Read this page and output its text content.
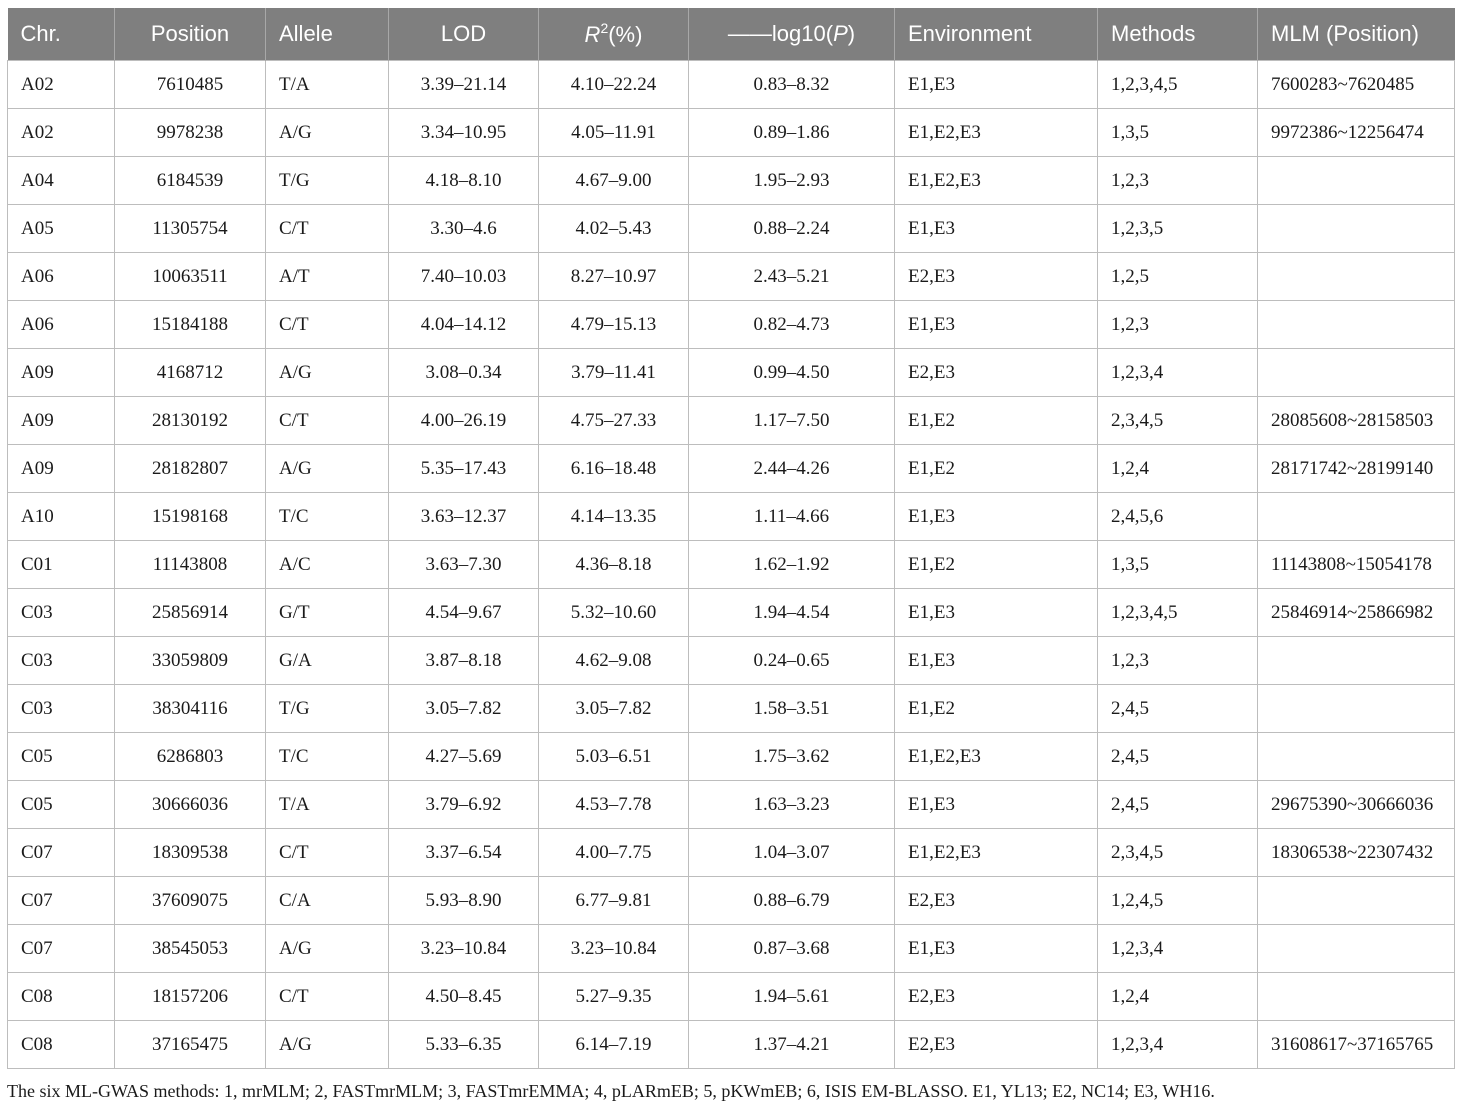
Chr.	Position	Allele	LOD	$R^2(\%)$	——log10(P)	Environment	Methods	MLM (Position)
A02	7610485	T/A	3.39–21.14	4.10–22.24	0.83–8.32	E1,E3	1,2,3,4,5	7600283~7620485
A02	9978238	A/G	3.34–10.95	4.05–11.91	0.89–1.86	E1,E2,E3	1,3,5	9972386~12256474
A04	6184539	T/G	4.18–8.10	4.67–9.00	1.95–2.93	E1,E2,E3	1,2,3	
A05	11305754	C/T	3.30–4.6	4.02–5.43	0.88–2.24	E1,E3	1,2,3,5	
A06	10063511	A/T	7.40–10.03	8.27–10.97	2.43–5.21	E2,E3	1,2,5	
A06	15184188	C/T	4.04–14.12	4.79–15.13	0.82–4.73	E1,E3	1,2,3	
A09	4168712	A/G	3.08–0.34	3.79–11.41	0.99–4.50	E2,E3	1,2,3,4	
A09	28130192	C/T	4.00–26.19	4.75–27.33	1.17–7.50	E1,E2	2,3,4,5	28085608~28158503
A09	28182807	A/G	5.35–17.43	6.16–18.48	2.44–4.26	E1,E2	1,2,4	28171742~28199140
A10	15198168	T/C	3.63–12.37	4.14–13.35	1.11–4.66	E1,E3	2,4,5,6	
C01	11143808	A/C	3.63–7.30	4.36–8.18	1.62–1.92	E1,E2	1,3,5	11143808~15054178
C03	25856914	G/T	4.54–9.67	5.32–10.60	1.94–4.54	E1,E3	1,2,3,4,5	25846914~25866982
C03	33059809	G/A	3.87–8.18	4.62–9.08	0.24–0.65	E1,E3	1,2,3	
C03	38304116	T/G	3.05–7.82	3.05–7.82	1.58–3.51	E1,E2	2,4,5	
C05	6286803	T/C	4.27–5.69	5.03–6.51	1.75–3.62	E1,E2,E3	2,4,5	
C05	30666036	T/A	3.79–6.92	4.53–7.78	1.63–3.23	E1,E3	2,4,5	29675390~30666036
C07	18309538	C/T	3.37–6.54	4.00–7.75	1.04–3.07	E1,E2,E3	2,3,4,5	18306538~22307432
C07	37609075	C/A	5.93–8.90	6.77–9.81	0.88–6.79	E2,E3	1,2,4,5	
C07	38545053	A/G	3.23–10.84	3.23–10.84	0.87–3.68	E1,E3	1,2,3,4	
C08	18157206	C/T	4.50–8.45	5.27–9.35	1.94–5.61	E2,E3	1,2,4	
C08	37165475	A/G	5.33–6.35	6.14–7.19	1.37–4.21	E2,E3	1,2,3,4	31608617~37165765
The six ML-GWAS methods: 1, mrMLM; 2, FASTmrMLM; 3, FASTmrEMMA; 4, pLARmEB; 5, pKWmEB; 6, ISIS EM-BLASSO. E1, YL13; E2, NC14; E3, WH16.
